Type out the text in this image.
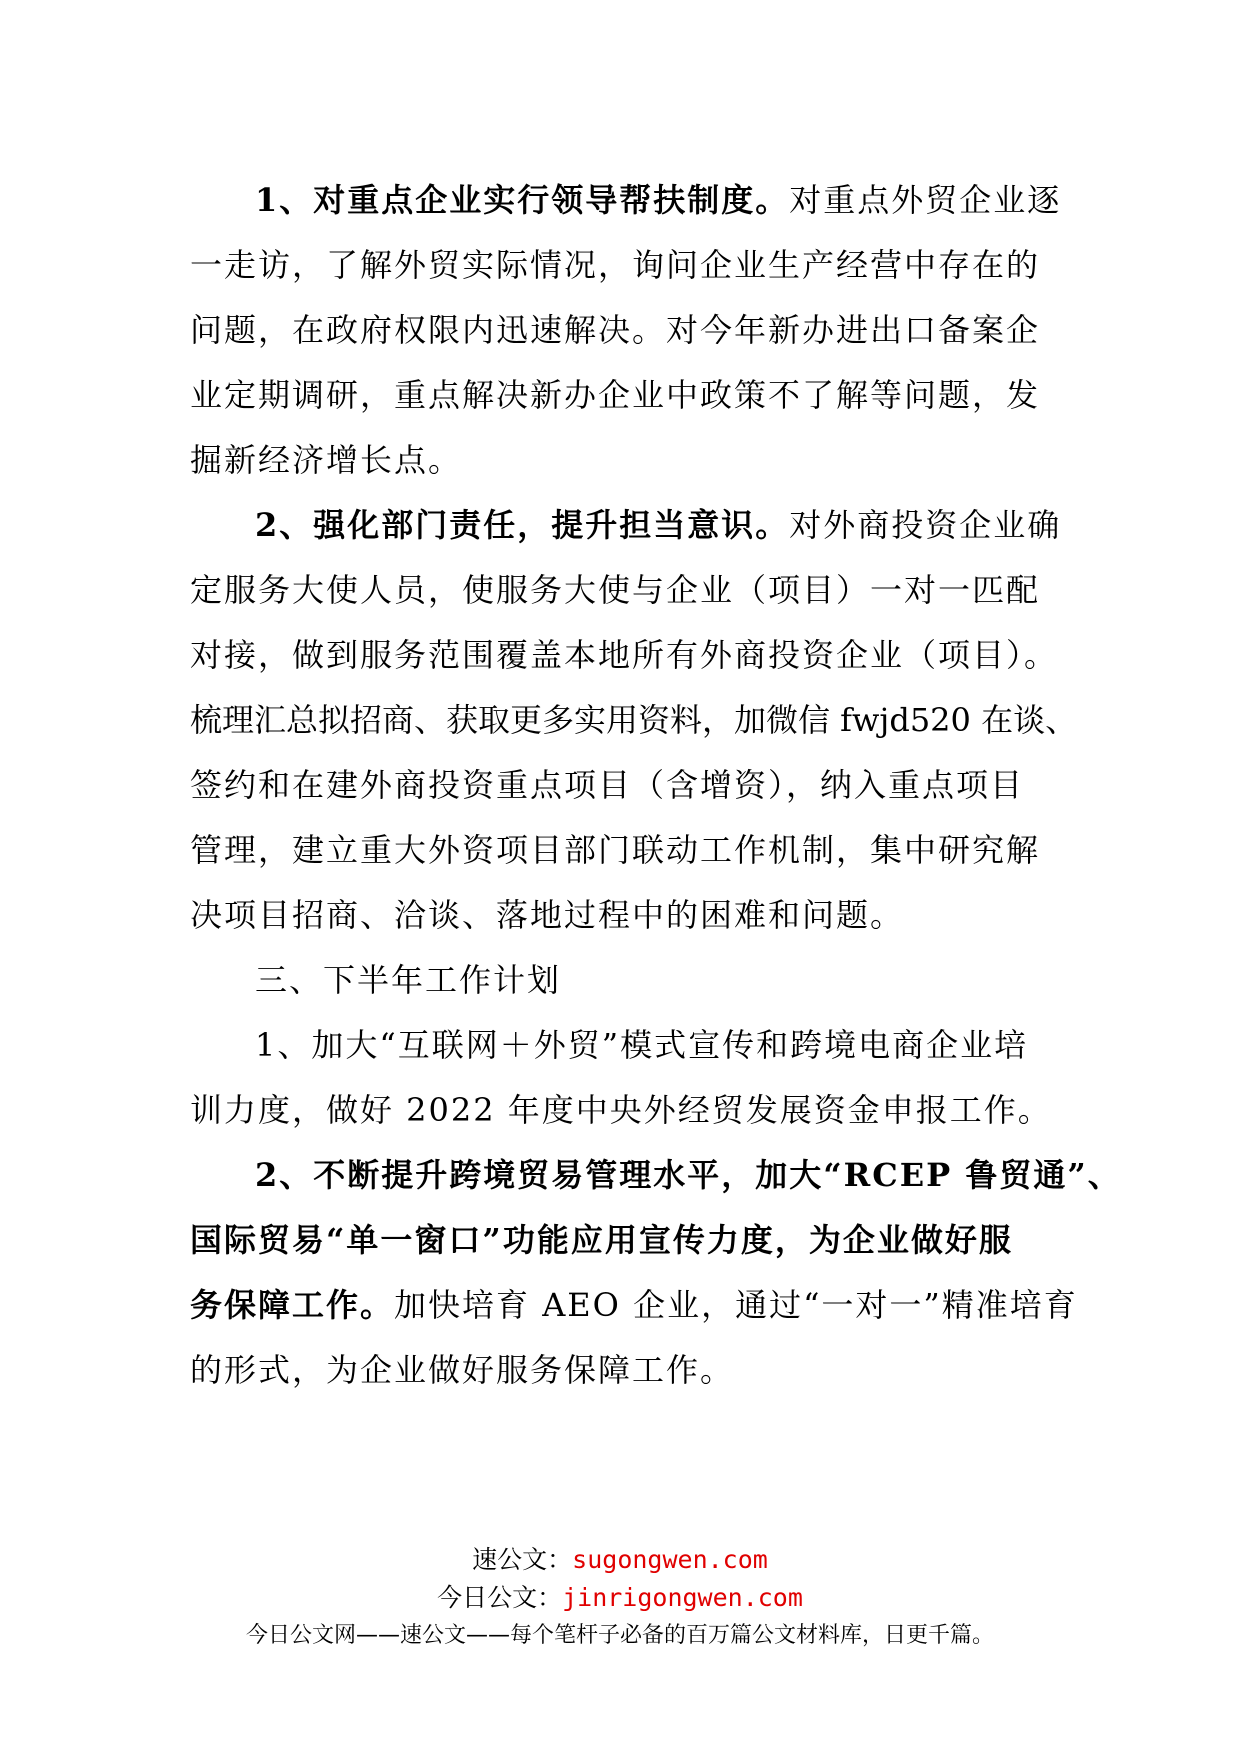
1、对重点企业实行领导帮扶制度。对重点外贸企业逐
一走访，了解外贸实际情况，询问企业生产经营中存在的
问题，在政府权限内迅速解决。对今年新办进出口备案企
业定期调研，重点解决新办企业中政策不了解等问题，发
掘新经济增长点。
2、强化部门责任，提升担当意识。对外商投资企业确
定服务大使人员，使服务大使与企业（项目）一对一匹配
对接，做到服务范围覆盖本地所有外商投资企业（项目）。
梳理汇总拟招商、获取更多实用资料，加微信 fwjd520 在谈、
签约和在建外商投资重点项目（含增资），纳入重点项目
管理，建立重大外资项目部门联动工作机制，集中研究解
决项目招商、洽谈、落地过程中的困难和问题。
三、下半年工作计划
1、加大“互联网＋外贸”模式宣传和跨境电商企业培
训力度，做好 2022 年度中央外经贸发展资金申报工作。
2、不断提升跨境贸易管理水平，加大“RCEP 鲁贸通”、
国际贸易“单一窗口”功能应用宣传力度，为企业做好服
务保障工作。加快培育 AEO 企业，通过“一对一”精准培育
的形式，为企业做好服务保障工作。
速公文：sugongwen.com
今日公文：jinrigongwen.com
今日公文网——速公文——每个笔杆子必备的百万篇公文材料库，日更千篇。
